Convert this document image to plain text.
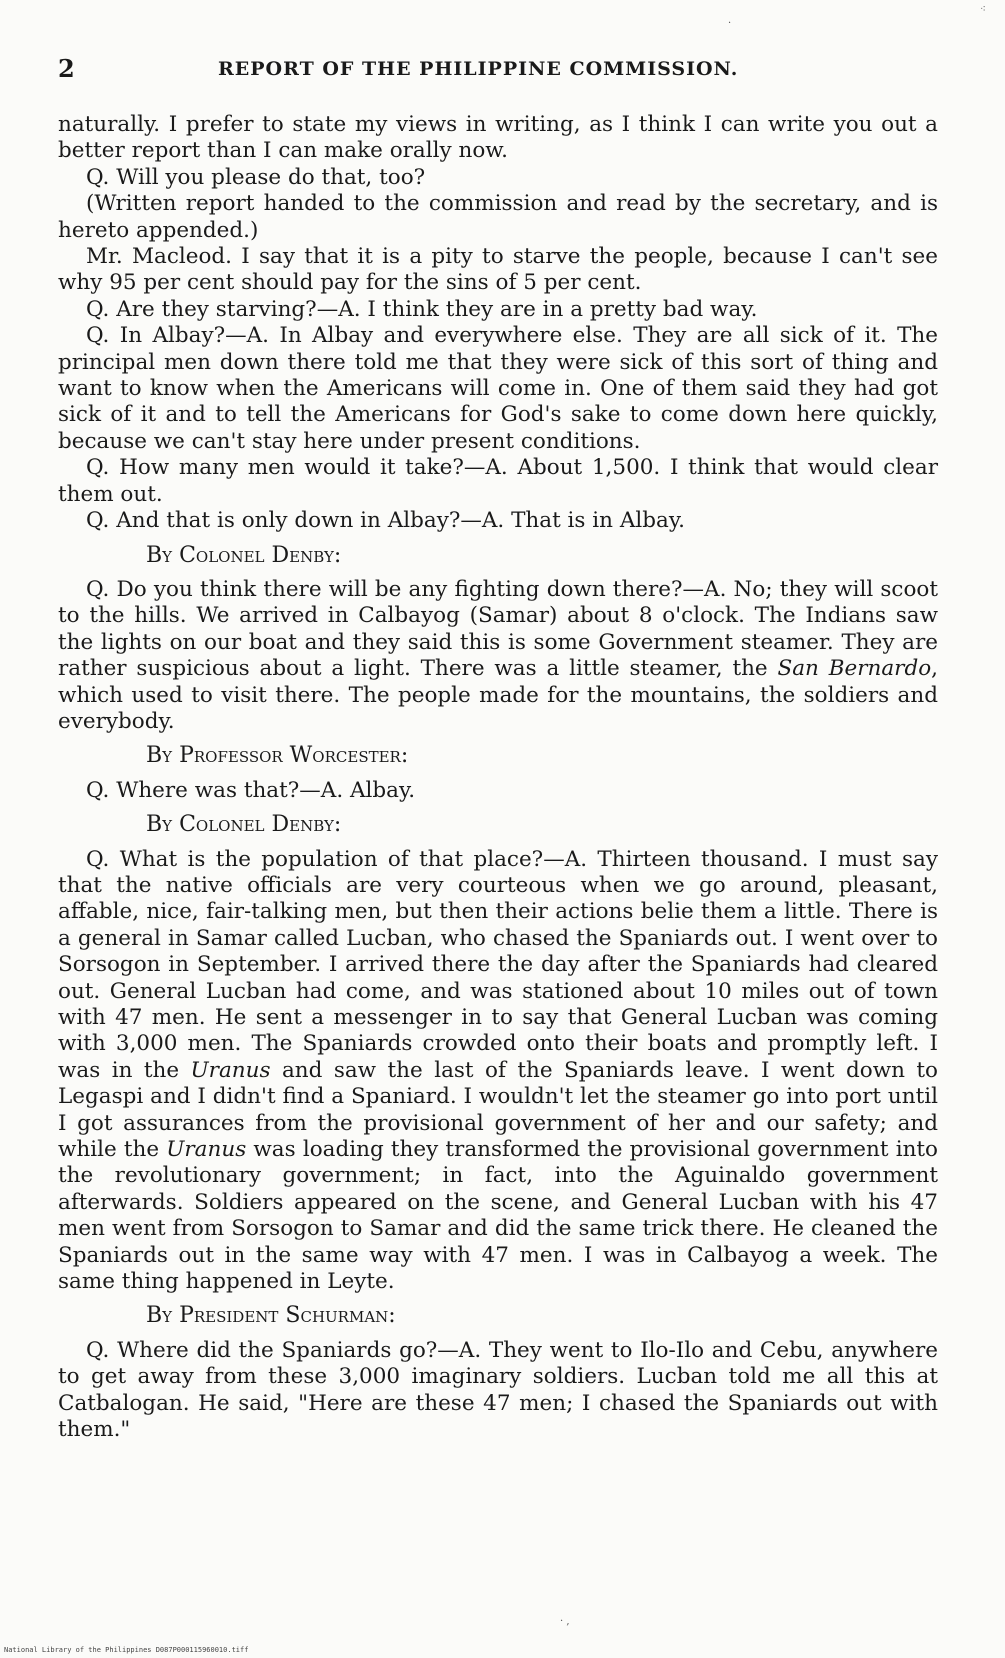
2	REPORT OF THE PHILIPPINE COMMISSION.

naturally. I prefer to state my views in writing, as I think I can write you out a better report than I can make orally now.

Q. Will you please do that, too?

(Written report handed to the commission and read by the secretary, and is hereto appended.)

Mr. Macleod. I say that it is a pity to starve the people, because I can't see why 95 per cent should pay for the sins of 5 per cent.

Q. Are they starving?—A. I think they are in a pretty bad way.

Q. In Albay?—A. In Albay and everywhere else. They are all sick of it. The principal men down there told me that they were sick of this sort of thing and want to know when the Americans will come in. One of them said they had got sick of it and to tell the Americans for God's sake to come down here quickly, because we can't stay here under present conditions.

Q. How many men would it take?—A. About 1,500. I think that would clear them out.

Q. And that is only down in Albay?—A. That is in Albay.

By Colonel Denby:

Q. Do you think there will be any fighting down there?—A. No; they will scoot to the hills. We arrived in Calbayog (Samar) about 8 o'clock. The Indians saw the lights on our boat and they said this is some Government steamer. They are rather suspicious about a light. There was a little steamer, the San Bernardo, which used to visit there. The people made for the mountains, the soldiers and everybody.

By Professor Worcester:

Q. Where was that?—A. Albay.

By Colonel Denby:

Q. What is the population of that place?—A. Thirteen thousand. I must say that the native officials are very courteous when we go around, pleasant, affable, nice, fair-talking men, but then their actions belie them a little. There is a general in Samar called Lucban, who chased the Spaniards out. I went over to Sorsogon in September. I arrived there the day after the Spaniards had cleared out. General Lucban had come, and was stationed about 10 miles out of town with 47 men. He sent a messenger in to say that General Lucban was coming with 3,000 men. The Spaniards crowded onto their boats and promptly left. I was in the Uranus and saw the last of the Spaniards leave. I went down to Legaspi and I didn't find a Spaniard. I wouldn't let the steamer go into port until I got assurances from the provisional government of her and our safety; and while the Uranus was loading they transformed the provisional government into the revolutionary government; in fact, into the Aguinaldo government afterwards. Soldiers appeared on the scene, and General Lucban with his 47 men went from Sorsogon to Samar and did the same trick there. He cleaned the Spaniards out in the same way with 47 men. I was in Calbayog a week. The same thing happened in Leyte.

By President Schurman:

Q. Where did the Spaniards go?—A. They went to Ilo-Ilo and Cebu, anywhere to get away from these 3,000 imaginary soldiers. Lucban told me all this at Catbalogan. He said, "Here are these 47 men; I chased the Spaniards out with them."

⁖
·
· ,
National Library of the Philippines D087P000115960010.tiff
